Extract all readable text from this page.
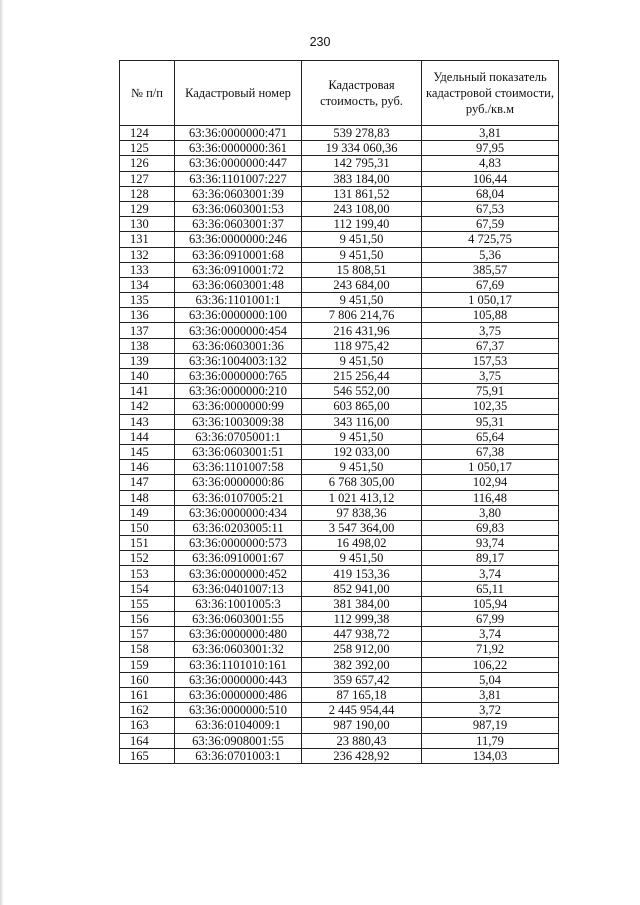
230
№ п/п	Кадастровый номер	Кадастровая стоимость, руб.	Удельный показатель кадастровой стоимости, руб./кв.м
124	63:36:0000000:471	539 278,83	3,81
125	63:36:0000000:361	19 334 060,36	97,95
126	63:36:0000000:447	142 795,31	4,83
127	63:36:1101007:227	383 184,00	106,44
128	63:36:0603001:39	131 861,52	68,04
129	63:36:0603001:53	243 108,00	67,53
130	63:36:0603001:37	112 199,40	67,59
131	63:36:0000000:246	9 451,50	4 725,75
132	63:36:0910001:68	9 451,50	5,36
133	63:36:0910001:72	15 808,51	385,57
134	63:36:0603001:48	243 684,00	67,69
135	63:36:1101001:1	9 451,50	1 050,17
136	63:36:0000000:100	7 806 214,76	105,88
137	63:36:0000000:454	216 431,96	3,75
138	63:36:0603001:36	118 975,42	67,37
139	63:36:1004003:132	9 451,50	157,53
140	63:36:0000000:765	215 256,44	3,75
141	63:36:0000000:210	546 552,00	75,91
142	63:36:0000000:99	603 865,00	102,35
143	63:36:1003009:38	343 116,00	95,31
144	63:36:0705001:1	9 451,50	65,64
145	63:36:0603001:51	192 033,00	67,38
146	63:36:1101007:58	9 451,50	1 050,17
147	63:36:0000000:86	6 768 305,00	102,94
148	63:36:0107005:21	1 021 413,12	116,48
149	63:36:0000000:434	97 838,36	3,80
150	63:36:0203005:11	3 547 364,00	69,83
151	63:36:0000000:573	16 498,02	93,74
152	63:36:0910001:67	9 451,50	89,17
153	63:36:0000000:452	419 153,36	3,74
154	63:36:0401007:13	852 941,00	65,11
155	63:36:1001005:3	381 384,00	105,94
156	63:36:0603001:55	112 999,38	67,99
157	63:36:0000000:480	447 938,72	3,74
158	63:36:0603001:32	258 912,00	71,92
159	63:36:1101010:161	382 392,00	106,22
160	63:36:0000000:443	359 657,42	5,04
161	63:36:0000000:486	87 165,18	3,81
162	63:36:0000000:510	2 445 954,44	3,72
163	63:36:0104009:1	987 190,00	987,19
164	63:36:0908001:55	23 880,43	11,79
165	63:36:0701003:1	236 428,92	134,03
